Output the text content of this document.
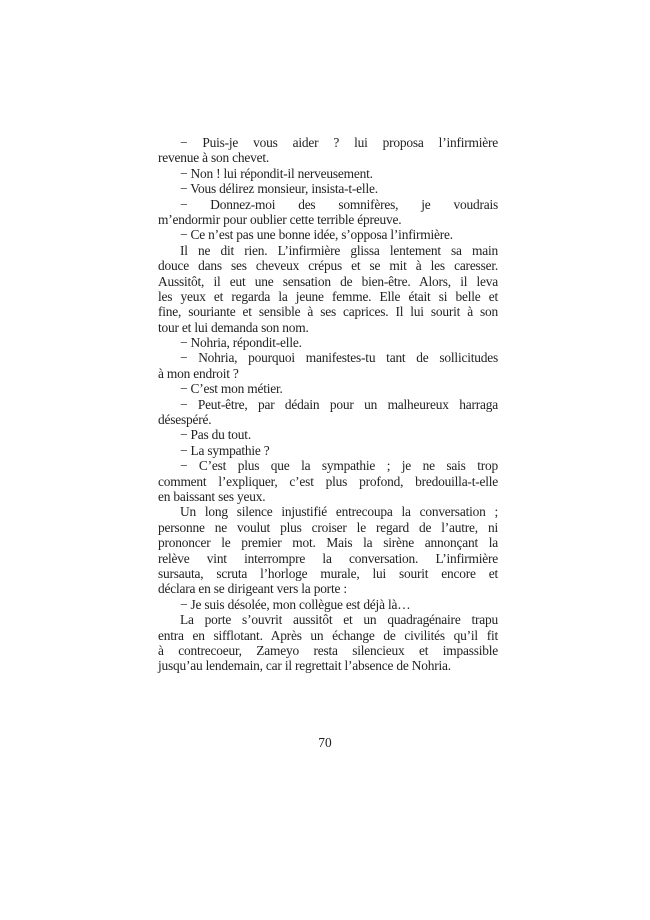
− Puis-je vous aider ? lui proposa l’infirmière
revenue à son chevet.
− Non ! lui répondit-il nerveusement.
− Vous délirez monsieur, insista-t-elle.
− Donnez-moi des somnifères, je voudrais
m’endormir pour oublier cette terrible épreuve.
− Ce n’est pas une bonne idée, s’opposa l’infirmière.
Il ne dit rien. L’infirmière glissa lentement sa main
douce dans ses cheveux crépus et se mit à les caresser.
Aussitôt, il eut une sensation de bien-être. Alors, il leva
les yeux et regarda la jeune femme. Elle était si belle et
fine, souriante et sensible à ses caprices. Il lui sourit à son
tour et lui demanda son nom.
− Nohria, répondit-elle.
− Nohria, pourquoi manifestes-tu tant de sollicitudes
à mon endroit ?
− C’est mon métier.
− Peut-être, par dédain pour un malheureux harraga
désespéré.
− Pas du tout.
− La sympathie ?
− C’est plus que la sympathie ; je ne sais trop
comment l’expliquer, c’est plus profond, bredouilla-t-elle
en baissant ses yeux.
Un long silence injustifié entrecoupa la conversation ;
personne ne voulut plus croiser le regard de l’autre, ni
prononcer le premier mot. Mais la sirène annonçant la
relève vint interrompre la conversation. L’infirmière
sursauta, scruta l’horloge murale, lui sourit encore et
déclara en se dirigeant vers la porte :
− Je suis désolée, mon collègue est déjà là…
La porte s’ouvrit aussitôt et un quadragénaire trapu
entra en sifflotant. Après un échange de civilités qu’il fit
à contrecoeur, Zameyo resta silencieux et impassible
jusqu’au lendemain, car il regrettait l’absence de Nohria.
70
